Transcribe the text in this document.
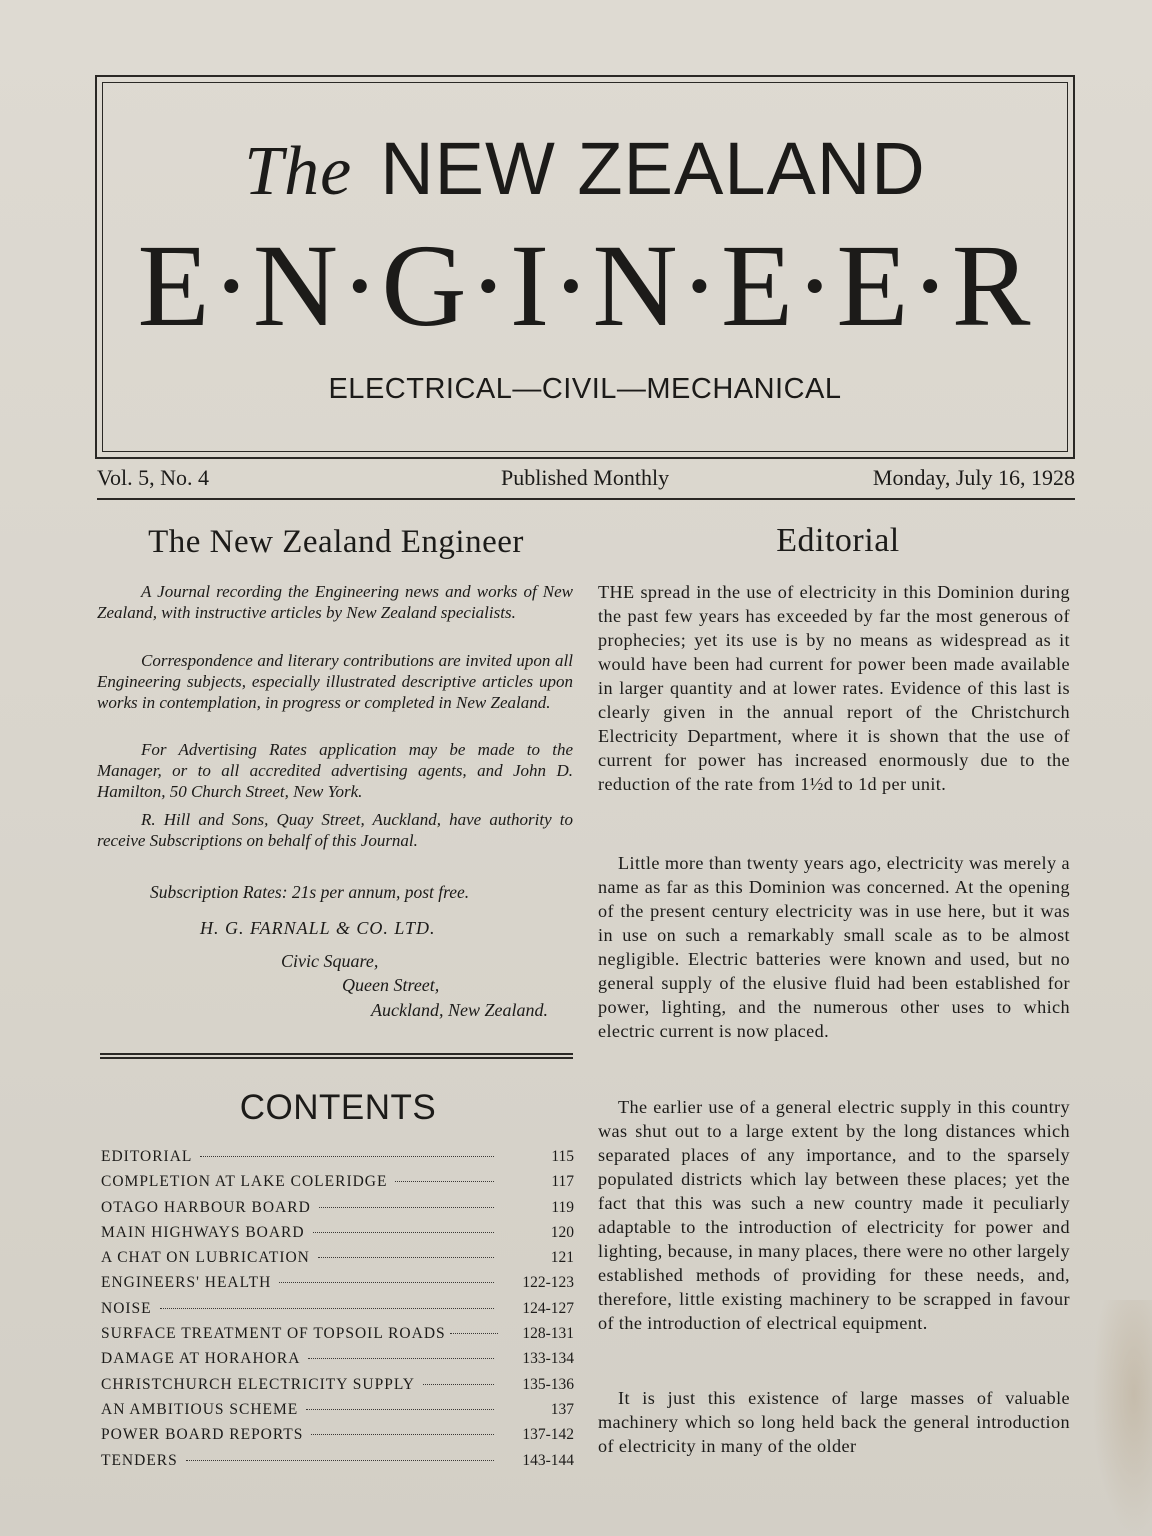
The NEW ZEALAND
E·N·G·I·N·E·E·R
ELECTRICAL—CIVIL—MECHANICAL
Vol. 5, No. 4	Published Monthly	Monday, July 16, 1928
The New Zealand Engineer
A Journal recording the Engineering news and works of New Zealand, with instructive articles by New Zealand specialists.
Correspondence and literary contributions are invited upon all Engineering subjects, especially illustrated descriptive articles upon works in contemplation, in progress or completed in New Zealand.
For Advertising Rates application may be made to the Manager, or to all accredited advertising agents, and John D. Hamilton, 50 Church Street, New York.
R. Hill and Sons, Quay Street, Auckland, have authority to receive Subscriptions on behalf of this Journal.
Subscription Rates: 21s per annum, post free.
H. G. FARNALL & CO. LTD.
Civic Square,
Queen Street,
Auckland, New Zealand.
CONTENTS
EDITORIAL	115
COMPLETION AT LAKE COLERIDGE	117
OTAGO HARBOUR BOARD	119
MAIN HIGHWAYS BOARD	120
A CHAT ON LUBRICATION	121
ENGINEERS' HEALTH	122-123
NOISE	124-127
SURFACE TREATMENT OF TOPSOIL ROADS	128-131
DAMAGE AT HORAHORA	133-134
CHRISTCHURCH ELECTRICITY SUPPLY	135-136
AN AMBITIOUS SCHEME	137
POWER BOARD REPORTS	137-142
TENDERS	143-144
Editorial
THE spread in the use of electricity in this Dominion during the past few years has exceeded by far the most generous of prophecies; yet its use is by no means as widespread as it would have been had current for power been made available in larger quantity and at lower rates. Evidence of this last is clearly given in the annual report of the Christchurch Electricity Department, where it is shown that the use of current for power has increased enormously due to the reduction of the rate from 1½d to 1d per unit.
Little more than twenty years ago, electricity was merely a name as far as this Dominion was concerned. At the opening of the present century electricity was in use here, but it was in use on such a remarkably small scale as to be almost negligible. Electric batteries were known and used, but no general supply of the elusive fluid had been established for power, lighting, and the numerous other uses to which electric current is now placed.
The earlier use of a general electric supply in this country was shut out to a large extent by the long distances which separated places of any importance, and to the sparsely populated districts which lay between these places; yet the fact that this was such a new country made it peculiarly adaptable to the introduction of electricity for power and lighting, because, in many places, there were no other largely established methods of providing for these needs, and, therefore, little existing machinery to be scrapped in favour of the introduction of electrical equipment.
It is just this existence of large masses of valuable machinery which so long held back the general introduction of electricity in many of the older
